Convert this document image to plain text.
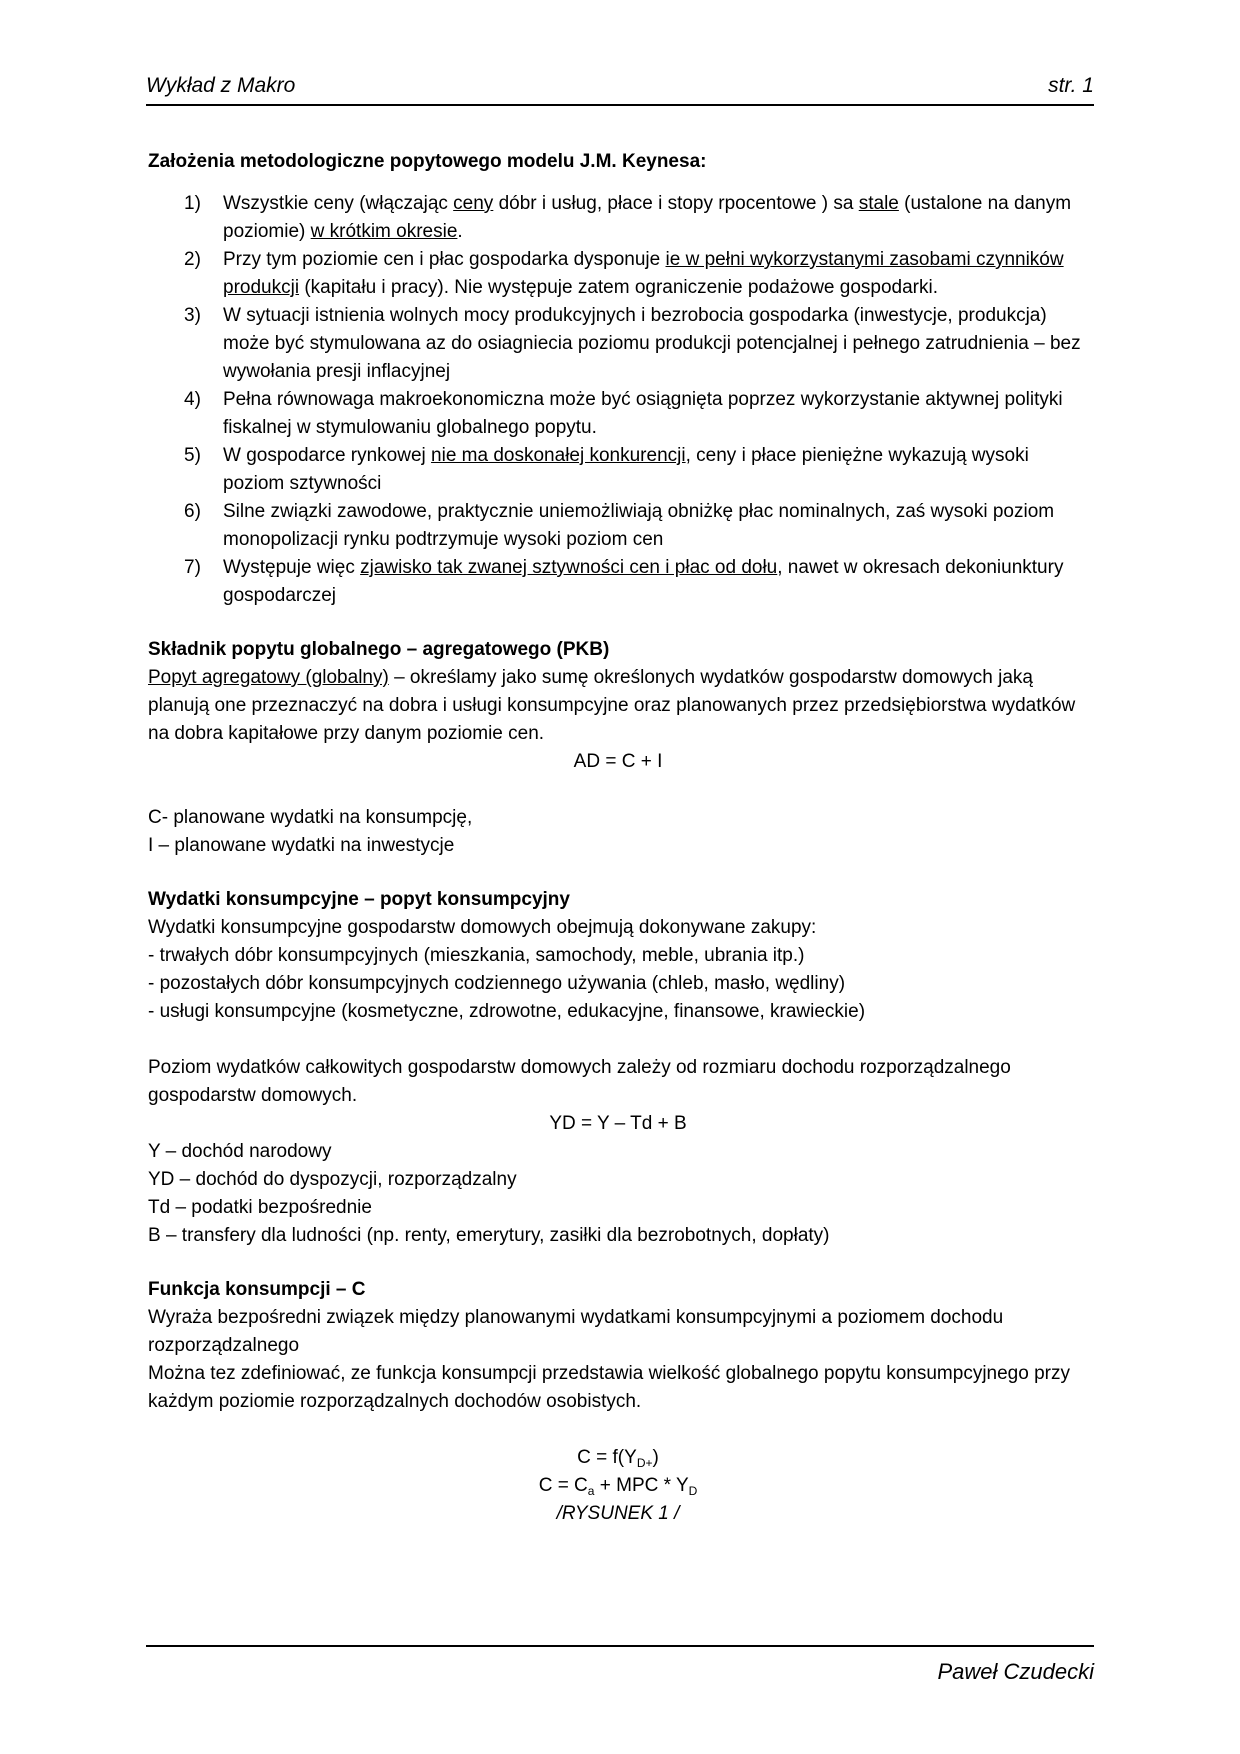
Wykład z Makro	str. 1
Założenia metodologiczne popytowego modelu J.M. Keynesa:
1) Wszystkie ceny (włączając ceny dóbr i usług, płace i stopy rpocentowe ) sa stale (ustalone na danym poziomie) w krótkim okresie.
2) Przy tym poziomie cen i płac gospodarka dysponuje ie w pełni wykorzystanymi zasobami czynników produkcji (kapitału i pracy). Nie występuje zatem ograniczenie podażowe gospodarki.
3) W sytuacji istnienia wolnych mocy produkcyjnych i bezrobocia gospodarka (inwestycje, produkcja) może być stymulowana az do osiagniecia poziomu produkcji potencjalnej i pełnego zatrudnienia – bez wywołania presji inflacyjnej
4) Pełna równowaga makroekonomiczna może być osiągnięta poprzez wykorzystanie aktywnej polityki fiskalnej w stymulowaniu globalnego popytu.
5) W gospodarce rynkowej nie ma doskonałej konkurencji, ceny i płace pieniężne wykazują wysoki poziom sztywności
6) Silne związki zawodowe, praktycznie uniemożliwiają obniżkę płac nominalnych, zaś wysoki poziom monopolizacji rynku podtrzymuje wysoki poziom cen
7) Występuje więc zjawisko tak zwanej sztywności cen i płac od dołu, nawet w okresach dekoniunktury gospodarczej
Składnik popytu globalnego – agregatowego (PKB)
Popyt agregatowy (globalny) – określamy jako sumę określonych wydatków gospodarstw domowych jaką planują one przeznaczyć na dobra i usługi konsumpcyjne oraz planowanych przez przedsiębiorstwa wydatków na dobra kapitałowe przy danym poziomie cen.
AD = C + I
C- planowane wydatki na konsumpcję,
I – planowane wydatki na inwestycje
Wydatki konsumpcyjne – popyt konsumpcyjny
Wydatki konsumpcyjne gospodarstw domowych obejmują dokonywane zakupy:
- trwałych dóbr konsumpcyjnych (mieszkania, samochody, meble, ubrania itp.)
- pozostałych dóbr konsumpcyjnych codziennego używania (chleb, masło, wędliny)
- usługi konsumpcyjne (kosmetyczne, zdrowotne, edukacyjne, finansowe, krawieckie)
Poziom wydatków całkowitych gospodarstw domowych zależy od rozmiaru dochodu rozporządzalnego gospodarstw domowych.
YD = Y – Td + B
Y – dochód narodowy
YD – dochód do dyspozycji, rozporządzalny
Td – podatki bezpośrednie
B – transfery dla ludności (np. renty, emerytury, zasiłki dla bezrobotnych, dopłaty)
Funkcja konsumpcji – C
Wyraża bezpośredni związek między planowanymi wydatkami konsumpcyjnymi a poziomem dochodu rozporządzalnego
Można tez zdefiniować, ze funkcja konsumpcji przedstawia wielkość globalnego popytu konsumpcyjnego przy każdym poziomie rozporządzalnych dochodów osobistych.
$C = f(Y_{D+})$
$C = C_a$ + MPC * $Y_D$
/RYSUNEK 1 /
Paweł Czudecki
